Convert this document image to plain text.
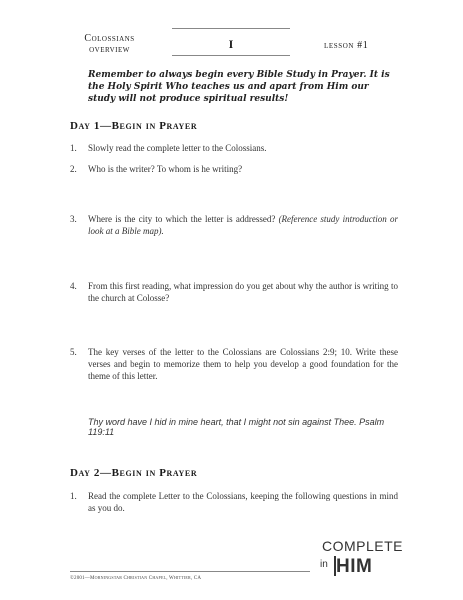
Colossians
overview	I	lesson #1
Remember to always begin every Bible Study in Prayer. It is the Holy Spirit Who teaches us and apart from Him our study will not produce spiritual results!
Day 1—Begin in Prayer
1.	Slowly read the complete letter to the Colossians.
2.	Who is the writer? To whom is he writing?
3.	Where is the city to which the letter is addressed? (Reference study introduction or look at a Bible map).
4.	From this first reading, what impression do you get about why the author is writing to the church at Colosse?
5.	The key verses of the letter to the Colossians are Colossians 2:9; 10. Write these verses and begin to memorize them to help you develop a good foundation for the theme of this letter.
Thy word have I hid in mine heart, that I might not sin against Thee. Psalm 119:11
Day 2—Begin in Prayer
1.	Read the complete Letter to the Colossians, keeping the following questions in mind as you do.
©2001—Morningstar Christian Chapel, Whittier, CA
COMPLETE
in HIM
